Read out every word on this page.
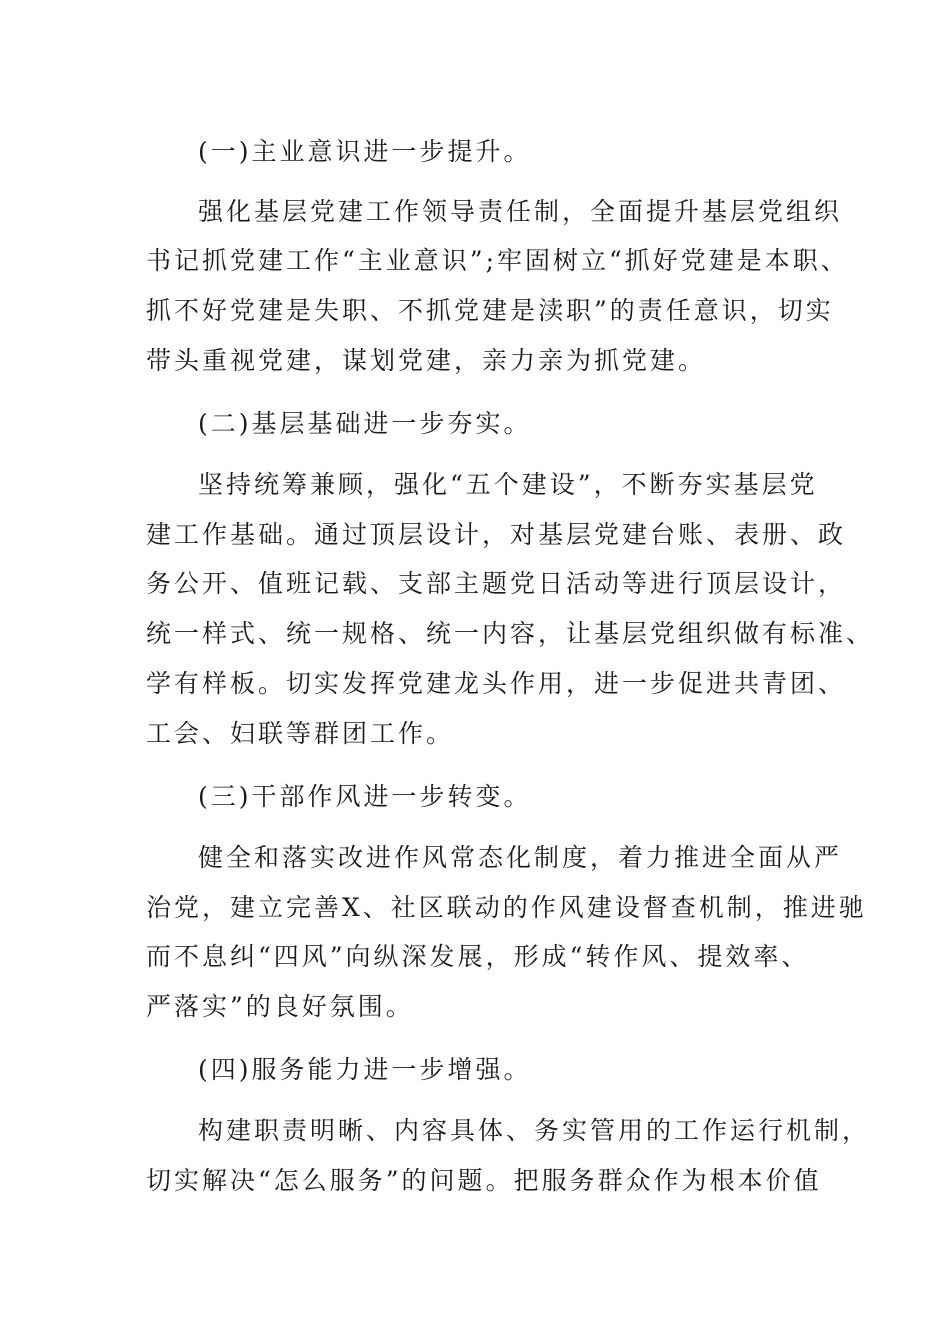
(一)主业意识进一步提升。

强化基层党建工作领导责任制，全面提升基层党组织

书记抓党建工作“主业意识”;牢固树立“抓好党建是本职、

抓不好党建是失职、不抓党建是渎职”的责任意识，切实

带头重视党建，谋划党建，亲力亲为抓党建。

(二)基层基础进一步夯实。

坚持统筹兼顾，强化“五个建设”，不断夯实基层党

建工作基础。通过顶层设计，对基层党建台账、表册、政

务公开、值班记载、支部主题党日活动等进行顶层设计，

统一样式、统一规格、统一内容，让基层党组织做有标准、

学有样板。切实发挥党建龙头作用，进一步促进共青团、

工会、妇联等群团工作。

(三)干部作风进一步转变。

健全和落实改进作风常态化制度，着力推进全面从严

治党，建立完善X、社区联动的作风建设督查机制，推进驰

而不息纠“四风”向纵深发展，形成“转作风、提效率、

严落实”的良好氛围。

(四)服务能力进一步增强。

构建职责明晰、内容具体、务实管用的工作运行机制，

切实解决“怎么服务”的问题。把服务群众作为根本价值
